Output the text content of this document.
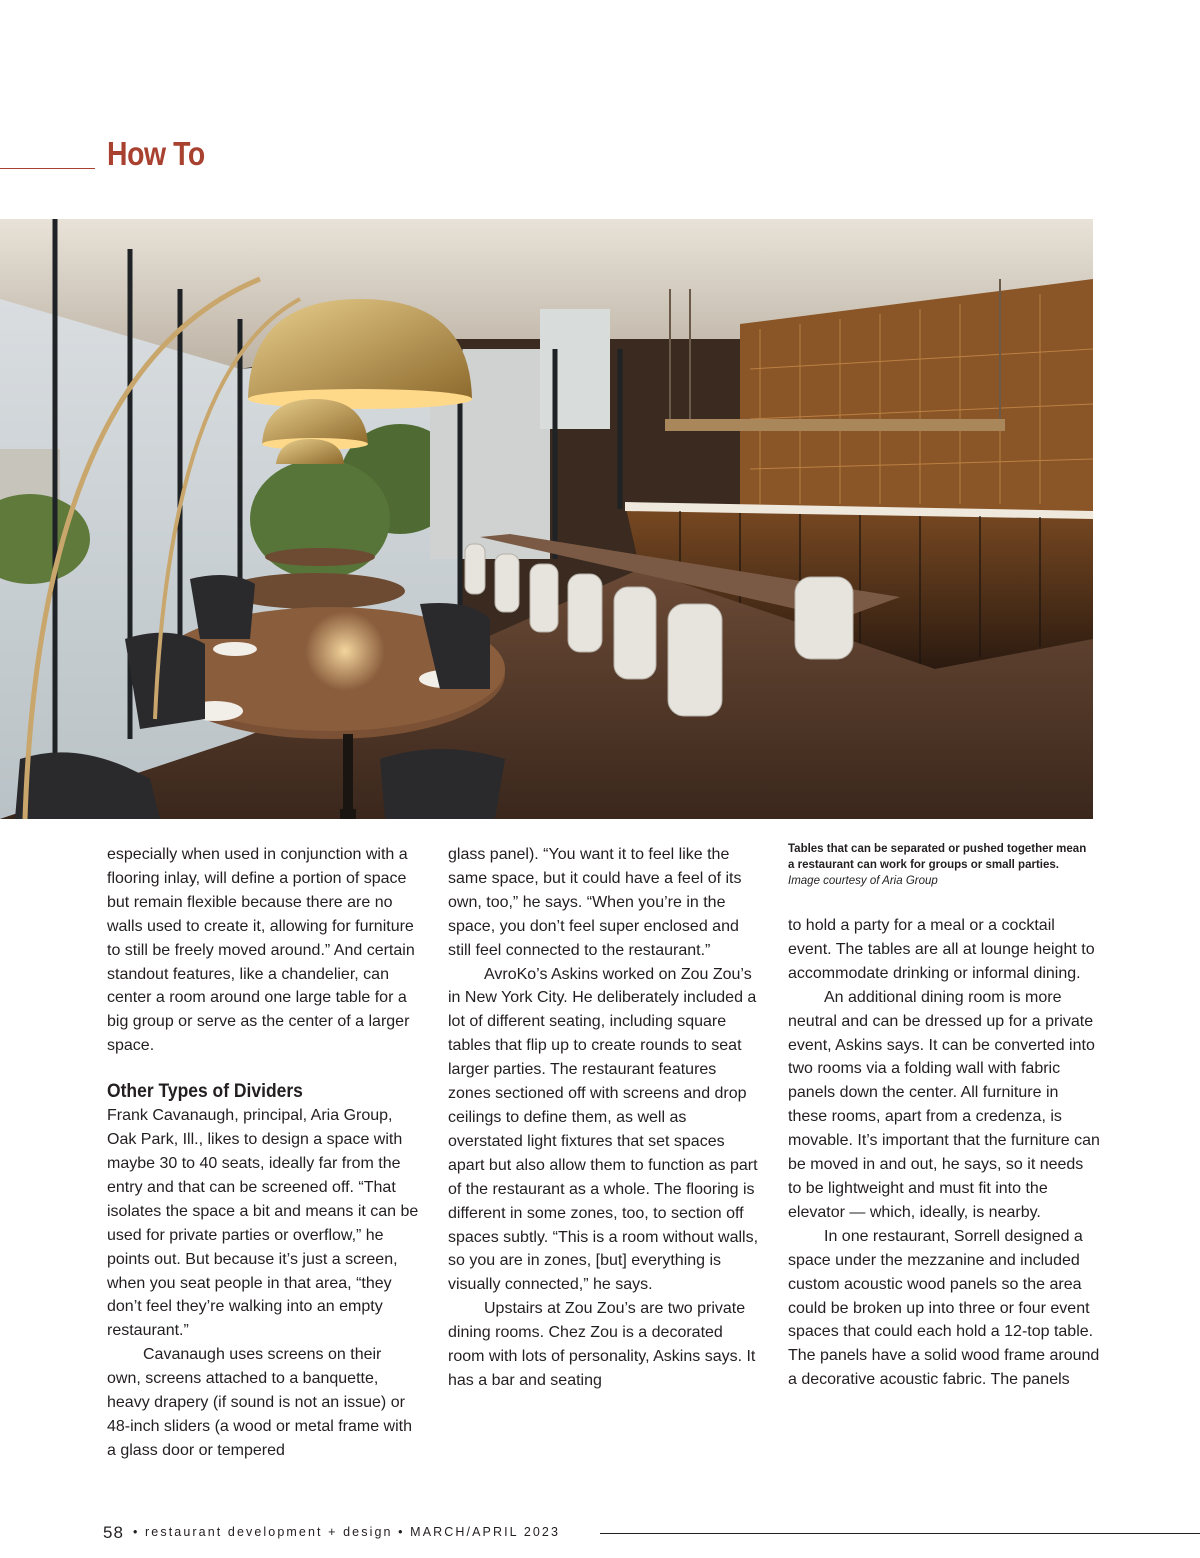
How To
Tables that can be separated or pushed together mean a restaurant can work for groups or small parties. Image courtesy of Aria Group

especially when used in conjunction with a flooring inlay, will define a portion of space but remain flexible because there are no walls used to create it, allowing for furniture to still be freely moved around.” And certain standout features, like a chandelier, can center a room around one large table for a big group or serve as the center of a larger space.

Other Types of Dividers

Frank Cavanaugh, principal, Aria Group, Oak Park, Ill., likes to design a space with maybe 30 to 40 seats, ideally far from the entry and that can be screened off. “That isolates the space a bit and means it can be used for private parties or overflow,” he points out. But because it’s just a screen, when you seat people in that area, “they don’t feel they’re walking into an empty restaurant.”

Cavanaugh uses screens on their own, screens attached to a banquette, heavy drapery (if sound is not an issue) or 48-inch sliders (a wood or metal frame with a glass door or tempered

glass panel). “You want it to feel like the same space, but it could have a feel of its own, too,” he says. “When you’re in the space, you don’t feel super enclosed and still feel connected to the restaurant.”

AvroKo’s Askins worked on Zou Zou’s in New York City. He deliberately included a lot of different seating, including square tables that flip up to create rounds to seat larger parties. The restaurant features zones sectioned off with screens and drop ceilings to define them, as well as overstated light fixtures that set spaces apart but also allow them to function as part of the restaurant as a whole. The flooring is different in some zones, too, to section off spaces subtly. “This is a room without walls, so you are in zones, [but] everything is visually connected,” he says.

Upstairs at Zou Zou’s are two private dining rooms. Chez Zou is a decorated room with lots of personality, Askins says. It has a bar and seating

to hold a party for a meal or a cocktail event. The tables are all at lounge height to accommodate drinking or informal dining.

An additional dining room is more neutral and can be dressed up for a private event, Askins says. It can be converted into two rooms via a folding wall with fabric panels down the center. All furniture in these rooms, apart from a credenza, is movable. It’s important that the furniture can be moved in and out, he says, so it needs to be lightweight and must fit into the elevator — which, ideally, is nearby.

In one restaurant, Sorrell designed a space under the mezzanine and included custom acoustic wood panels so the area could be broken up into three or four event spaces that could each hold a 12-top table. The panels have a solid wood frame around a decorative acoustic fabric. The panels

58 • restaurant development + design • MARCH/APRIL 2023
